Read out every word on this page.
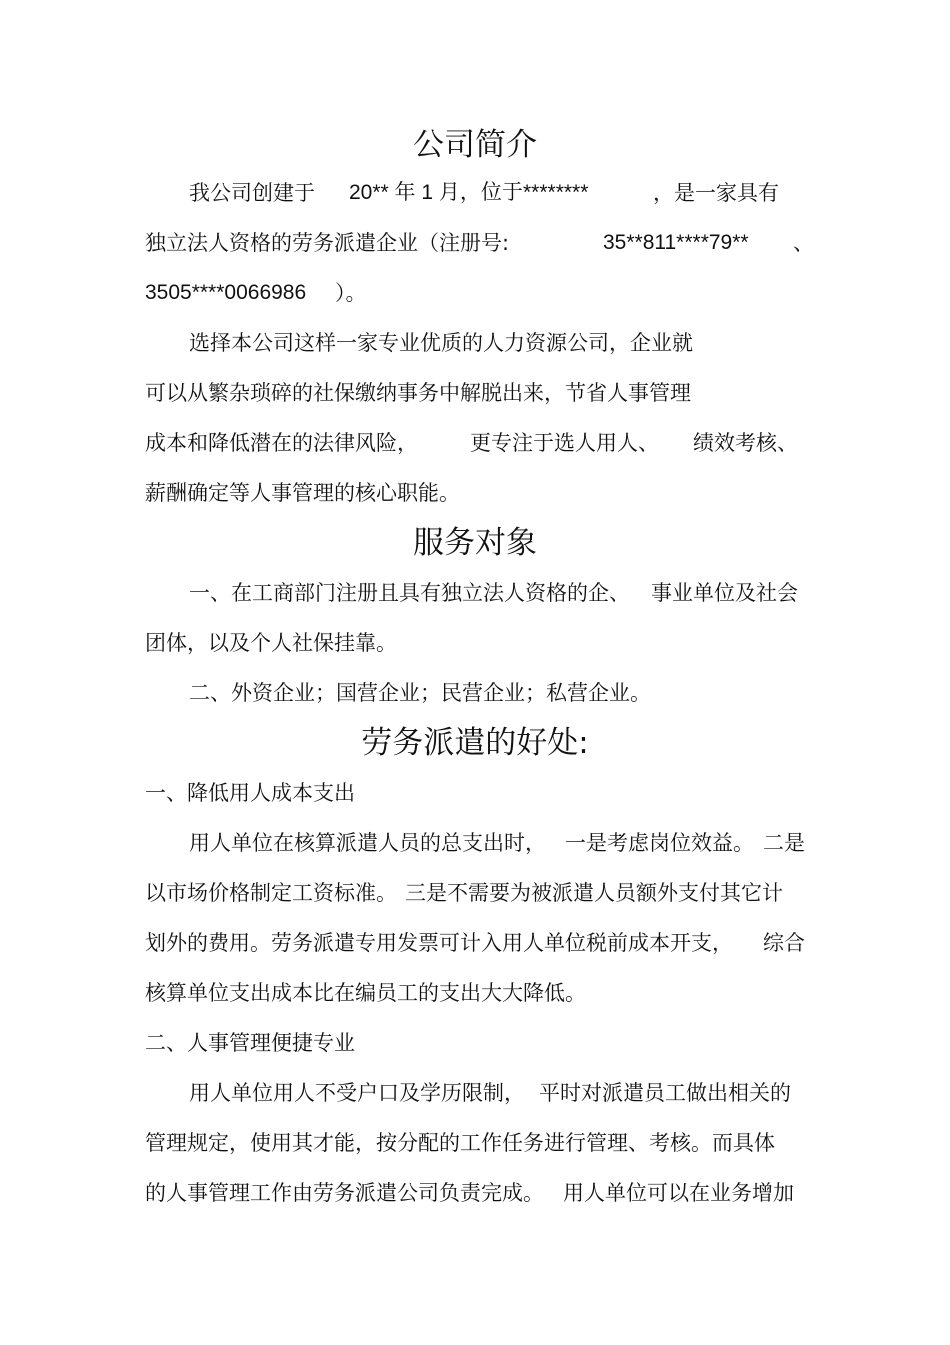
公司简介
我公司创建于 20** 年 1 月，位于 ********	，是一家具有
独立法人资格的劳务派遣企业（注册号:	35**811****79** 、
3505****0066986 ）。
选择本公司这样一家专业优质的人力资源公司，企业就
可以从繁杂琐碎的社保缴纳事务中解脱出来，节省人事管理
成本和降低潜在的法律风险， 更专注于选人用人、 绩效考核、
薪酬确定等人事管理的核心职能。
服务对象
一、在工商部门注册且具有独立法人资格的企、 事业单位及社会
团体，以及个人社保挂靠。
二、外资企业；国营企业；民营企业；私营企业。
劳务派遣的好处:
一、降低用人成本支出
用人单位在核算派遣人员的总支出时， 一是考虑岗位效益。 二是
以市场价格制定工资标准。 三是不需要为被派遣人员额外支付其它计
划外的费用。劳务派遣专用发票可计入用人单位税前成本开支， 综合
核算单位支出成本比在编员工的支出大大降低。
二、人事管理便捷专业
用人单位用人不受户口及学历限制， 平时对派遣员工做出相关的
管理规定，使用其才能，按分配的工作任务进行管理、考核。而具体
的人事管理工作由劳务派遣公司负责完成。 用人单位可以在业务增加
